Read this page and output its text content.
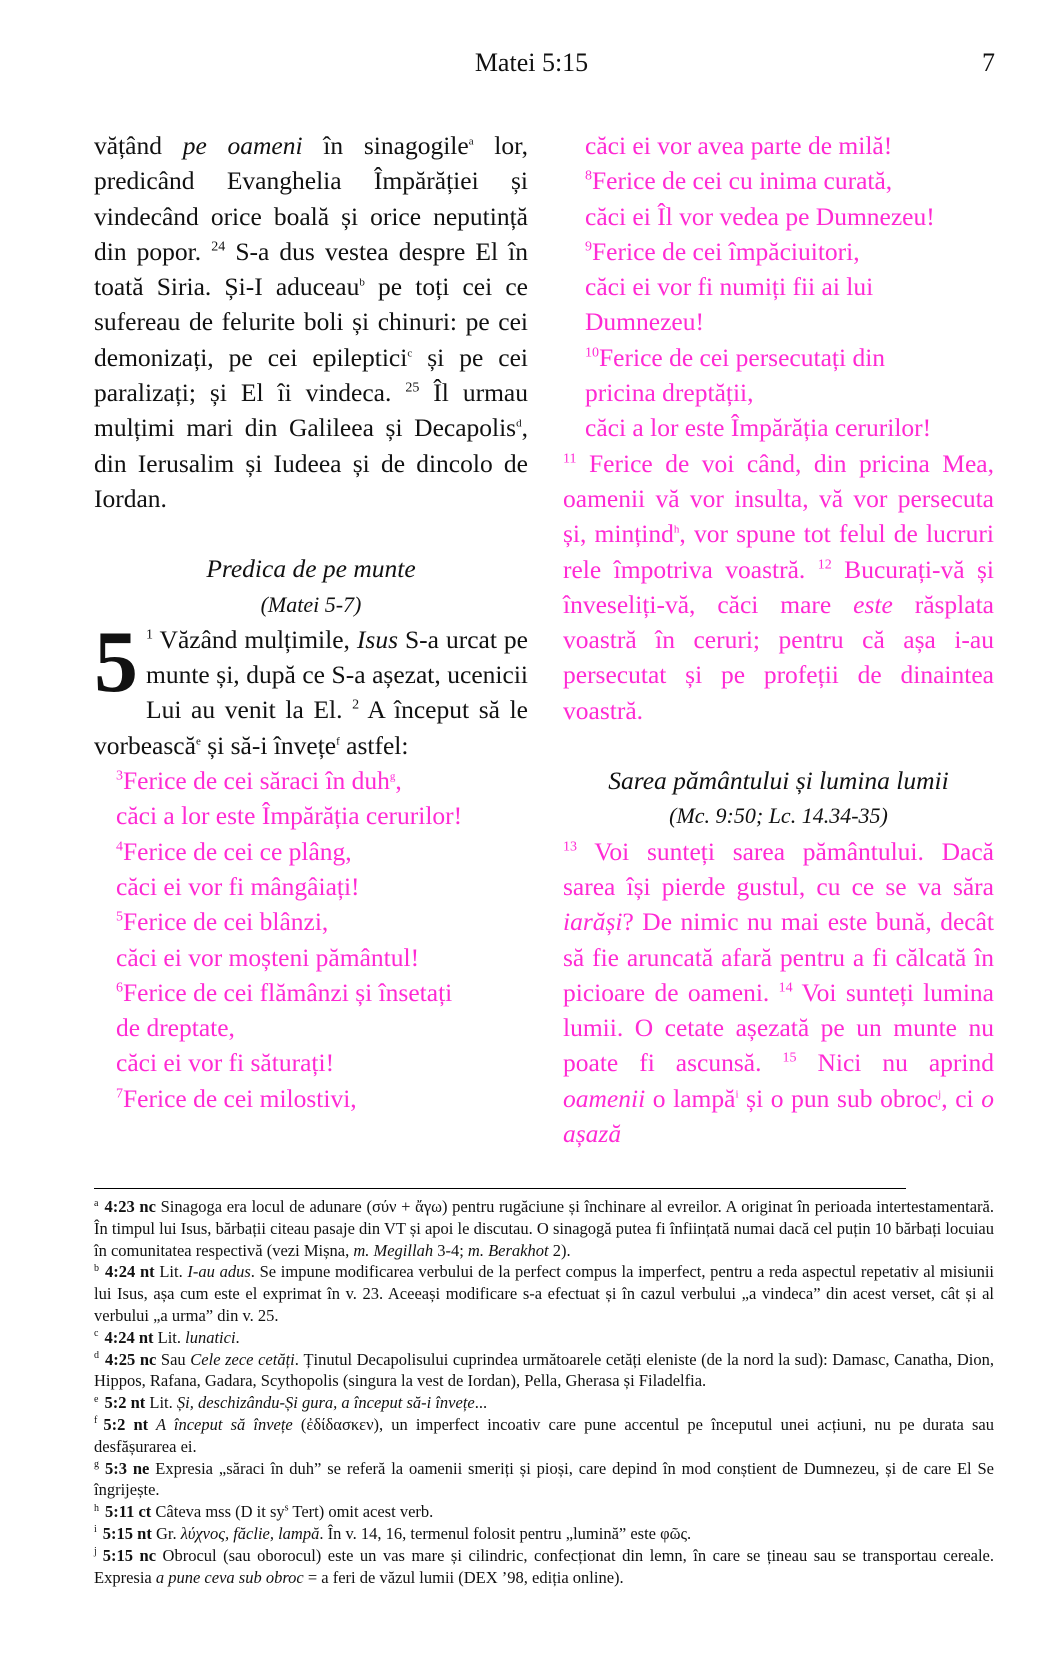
Matei 5:15	7
vățând pe oameni în sinagogile$^a$ lor, predicând Evanghelia Împărăției și vindecând orice boală și orice neputință din popor. $^{24}$ S-a dus vestea despre El în toată Siria. Și-I aduceau$^b$ pe toți cei ce sufereau de felurite boli și chinuri: pe cei demonizați, pe cei epileptici$^c$ și pe cei paralizați; și El îi vindeca. $^{25}$ Îl urmau mulțimi mari din Galileea și Decapolis$^d$, din Ierusalim și Iudeea și de dincolo de Iordan.
Predica de pe munte
(Matei 5-7)
5 $^1$ Văzând mulțimile, Isus S-a urcat pe munte și, după ce S-a așezat, ucenicii Lui au venit la El. $^2$ A început să le vorbească$^e$ și să-i învețe$^f$ astfel:
$^3$Ferice de cei săraci în duh$^g$,
căci a lor este Împărăția cerurilor!
$^4$Ferice de cei ce plâng,
căci ei vor fi mângâiați!
$^5$Ferice de cei blânzi,
căci ei vor moșteni pământul!
$^6$Ferice de cei flămânzi și însetați
de dreptate,
căci ei vor fi săturați!
$^7$Ferice de cei milostivi,
căci ei vor avea parte de milă!
$^8$Ferice de cei cu inima curată,
căci ei Îl vor vedea pe Dumnezeu!
$^9$Ferice de cei împăciuitori,
căci ei vor fi numiți fii ai lui
Dumnezeu!
$^{10}$Ferice de cei persecutați din
pricina dreptății,
căci a lor este Împărăția cerurilor!
$^{11}$ Ferice de voi când, din pricina Mea, oamenii vă vor insulta, vă vor persecuta și, mințind$^h$, vor spune tot felul de lucruri rele împotriva voastră. $^{12}$ Bucurați-vă și înveseliți-vă, căci mare este răsplata voastră în ceruri; pentru că așa i-au persecutat și pe profeții de dinaintea voastră.
Sarea pământului și lumina lumii
(Mc. 9:50; Lc. 14.34-35)
$^{13}$ Voi sunteți sarea pământului. Dacă sarea își pierde gustul, cu ce se va săra iarăși? De nimic nu mai este bună, decât să fie aruncată afară pentru a fi călcată în picioare de oameni. $^{14}$ Voi sunteți lumina lumii. O cetate așezată pe un munte nu poate fi ascunsă. $^{15}$ Nici nu aprind oamenii o lampă$^i$ și o pun sub obroc$^j$, ci o așază

$^a$ 4:23 nc Sinagoga era locul de adunare (σύν + ἄγω) pentru rugăciune și închinare al evreilor. A originat în perioada intertestamentară. În timpul lui Isus, bărbații citeau pasaje din VT și apoi le discutau. O sinagogă putea fi înființată numai dacă cel puțin 10 bărbați locuiau în comunitatea respectivă (vezi Mișna, m. Megillah 3-4; m. Berakhot 2).

$^b$ 4:24 nt Lit. I-au adus. Se impune modificarea verbului de la perfect compus la imperfect, pentru a reda aspectul repetativ al misiunii lui Isus, așa cum este el exprimat în v. 23. Aceeași modificare s-a efectuat și în cazul verbului „a vindeca” din acest verset, cât și al verbului „a urma” din v. 25.

$^c$ 4:24 nt Lit. lunatici.

$^d$ 4:25 nc Sau Cele zece cetăți. Ținutul Decapolisului cuprindea următoarele cetăți eleniste (de la nord la sud): Damasc, Canatha, Dion, Hippos, Rafana, Gadara, Scythopolis (singura la vest de Iordan), Pella, Gherasa și Filadelfia.

$^e$ 5:2 nt Lit. Și, deschizându-Și gura, a început să-i învețe...

$^f$ 5:2 nt A început să învețe (ἐδίδασκεν), un imperfect incoativ care pune accentul pe începutul unei acțiuni, nu pe durata sau desfășurarea ei.

$^g$ 5:3 ne Expresia „săraci în duh” se referă la oamenii smeriți și pioși, care depind în mod conștient de Dumnezeu, și de care El Se îngrijește.

$^h$ 5:11 ct Câteva mss (D it $sy^s$ Tert) omit acest verb.

$^i$ 5:15 nt Gr. λύχνος, făclie, lampă. În v. 14, 16, termenul folosit pentru „lumină” este φῶς.

$^j$ 5:15 nc Obrocul (sau oborocul) este un vas mare și cilindric, confecționat din lemn, în care se țineau sau se transportau cereale. Expresia a pune ceva sub obroc = a feri de văzul lumii (DEX ’98, ediția online).
